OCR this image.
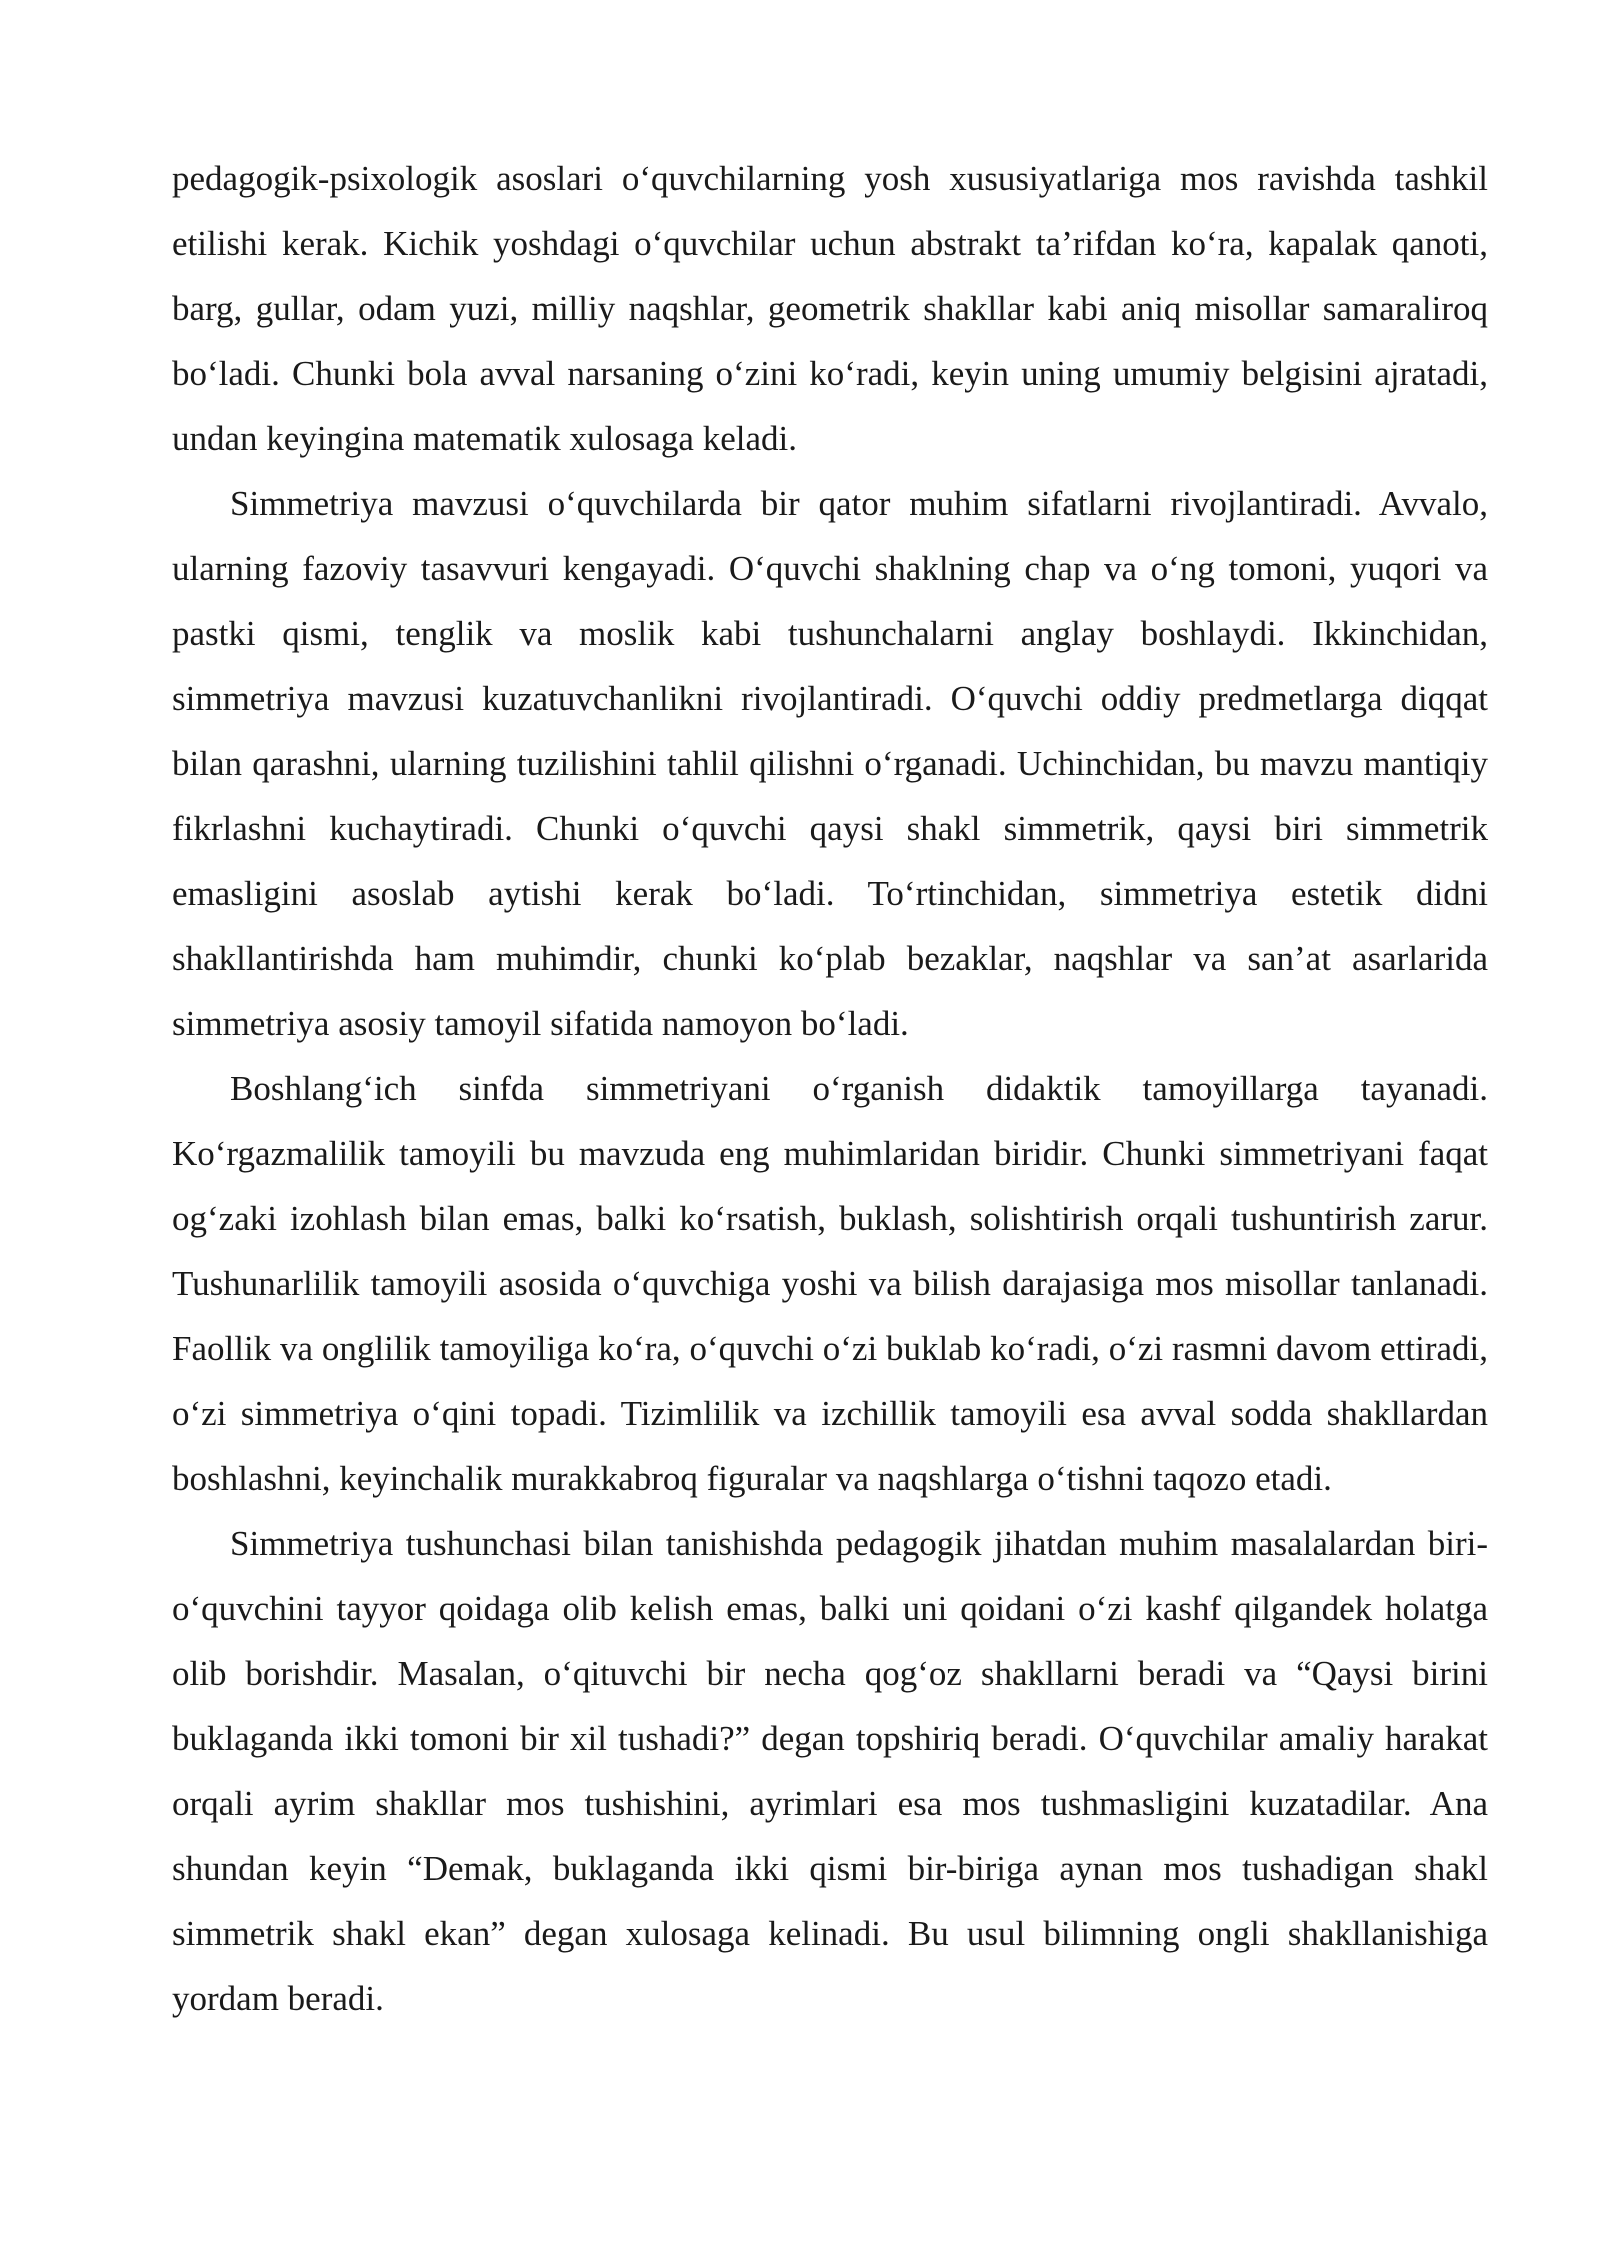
pedagogik-psixologik asoslari o‘quvchilarning yosh xususiyatlariga mos ravishda tashkil etilishi kerak. Kichik yoshdagi o‘quvchilar uchun abstrakt ta’rifdan ko‘ra, kapalak qanoti, barg, gullar, odam yuzi, milliy naqshlar, geometrik shakllar kabi aniq misollar samaraliroq bo‘ladi. Chunki bola avval narsaning o‘zini ko‘radi, keyin uning umumiy belgisini ajratadi, undan keyingina matematik xulosaga keladi.

Simmetriya mavzusi o‘quvchilarda bir qator muhim sifatlarni rivojlantiradi. Avvalo, ularning fazoviy tasavvuri kengayadi. O‘quvchi shaklning chap va o‘ng tomoni, yuqori va pastki qismi, tenglik va moslik kabi tushunchalarni anglay boshlaydi. Ikkinchidan, simmetriya mavzusi kuzatuvchanlikni rivojlantiradi. O‘quvchi oddiy predmetlarga diqqat bilan qarashni, ularning tuzilishini tahlil qilishni o‘rganadi. Uchinchidan, bu mavzu mantiqiy fikrlashni kuchaytiradi. Chunki o‘quvchi qaysi shakl simmetrik, qaysi biri simmetrik emasligini asoslab aytishi kerak bo‘ladi. To‘rtinchidan, simmetriya estetik didni shakllantirishda ham muhimdir, chunki ko‘plab bezaklar, naqshlar va san’at asarlarida simmetriya asosiy tamoyil sifatida namoyon bo‘ladi.

Boshlang‘ich sinfda simmetriyani o‘rganish didaktik tamoyillarga tayanadi. Ko‘rgazmalilik tamoyili bu mavzuda eng muhimlaridan biridir. Chunki simmetriyani faqat og‘zaki izohlash bilan emas, balki ko‘rsatish, buklash, solishtirish orqali tushuntirish zarur. Tushunarlilik tamoyili asosida o‘quvchiga yoshi va bilish darajasiga mos misollar tanlanadi. Faollik va onglilik tamoyiliga ko‘ra, o‘quvchi o‘zi buklab ko‘radi, o‘zi rasmni davom ettiradi, o‘zi simmetriya o‘qini topadi. Tizimlilik va izchillik tamoyili esa avval sodda shakllardan boshlashni, keyinchalik murakkabroq figuralar va naqshlarga o‘tishni taqozo etadi.

Simmetriya tushunchasi bilan tanishishda pedagogik jihatdan muhim masalalardan biri-o‘quvchini tayyor qoidaga olib kelish emas, balki uni qoidani o‘zi kashf qilgandek holatga olib borishdir. Masalan, o‘qituvchi bir necha qog‘oz shakllarni beradi va “Qaysi birini buklaganda ikki tomoni bir xil tushadi?” degan topshiriq beradi. O‘quvchilar amaliy harakat orqali ayrim shakllar mos tushishini, ayrimlari esa mos tushmasligini kuzatadilar. Ana shundan keyin “Demak, buklaganda ikki qismi bir-biriga aynan mos tushadigan shakl simmetrik shakl ekan” degan xulosaga kelinadi. Bu usul bilimning ongli shakllanishiga yordam beradi.
